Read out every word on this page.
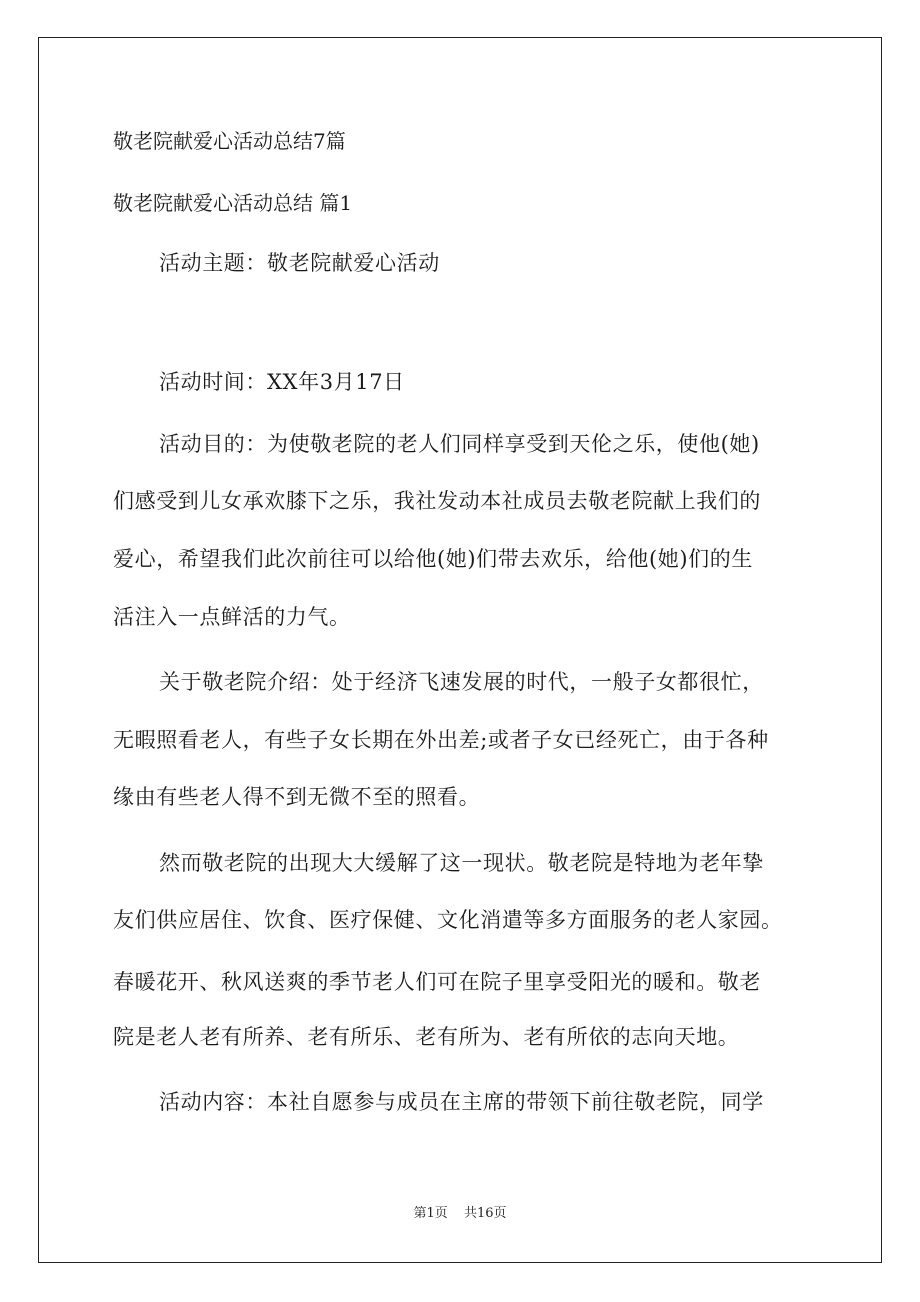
敬老院献爱心活动总结7篇
敬老院献爱心活动总结 篇1
活动主题：敬老院献爱心活动
活动时间：XX年3月17日
活动目的：为使敬老院的老人们同样享受到天伦之乐，使他(她)
们感受到儿女承欢膝下之乐，我社发动本社成员去敬老院献上我们的
爱心，希望我们此次前往可以给他(她)们带去欢乐，给他(她)们的生
活注入一点鲜活的力气。
关于敬老院介绍：处于经济飞速发展的时代，一般子女都很忙，
无暇照看老人，有些子女长期在外出差;或者子女已经死亡，由于各种
缘由有些老人得不到无微不至的照看。
然而敬老院的出现大大缓解了这一现状。敬老院是特地为老年挚
友们供应居住、饮食、医疗保健、文化消遣等多方面服务的老人家园。
春暖花开、秋风送爽的季节老人们可在院子里享受阳光的暖和。敬老
院是老人老有所养、老有所乐、老有所为、老有所依的志向天地。
活动内容：本社自愿参与成员在主席的带领下前往敬老院，同学
第1页 共16页
